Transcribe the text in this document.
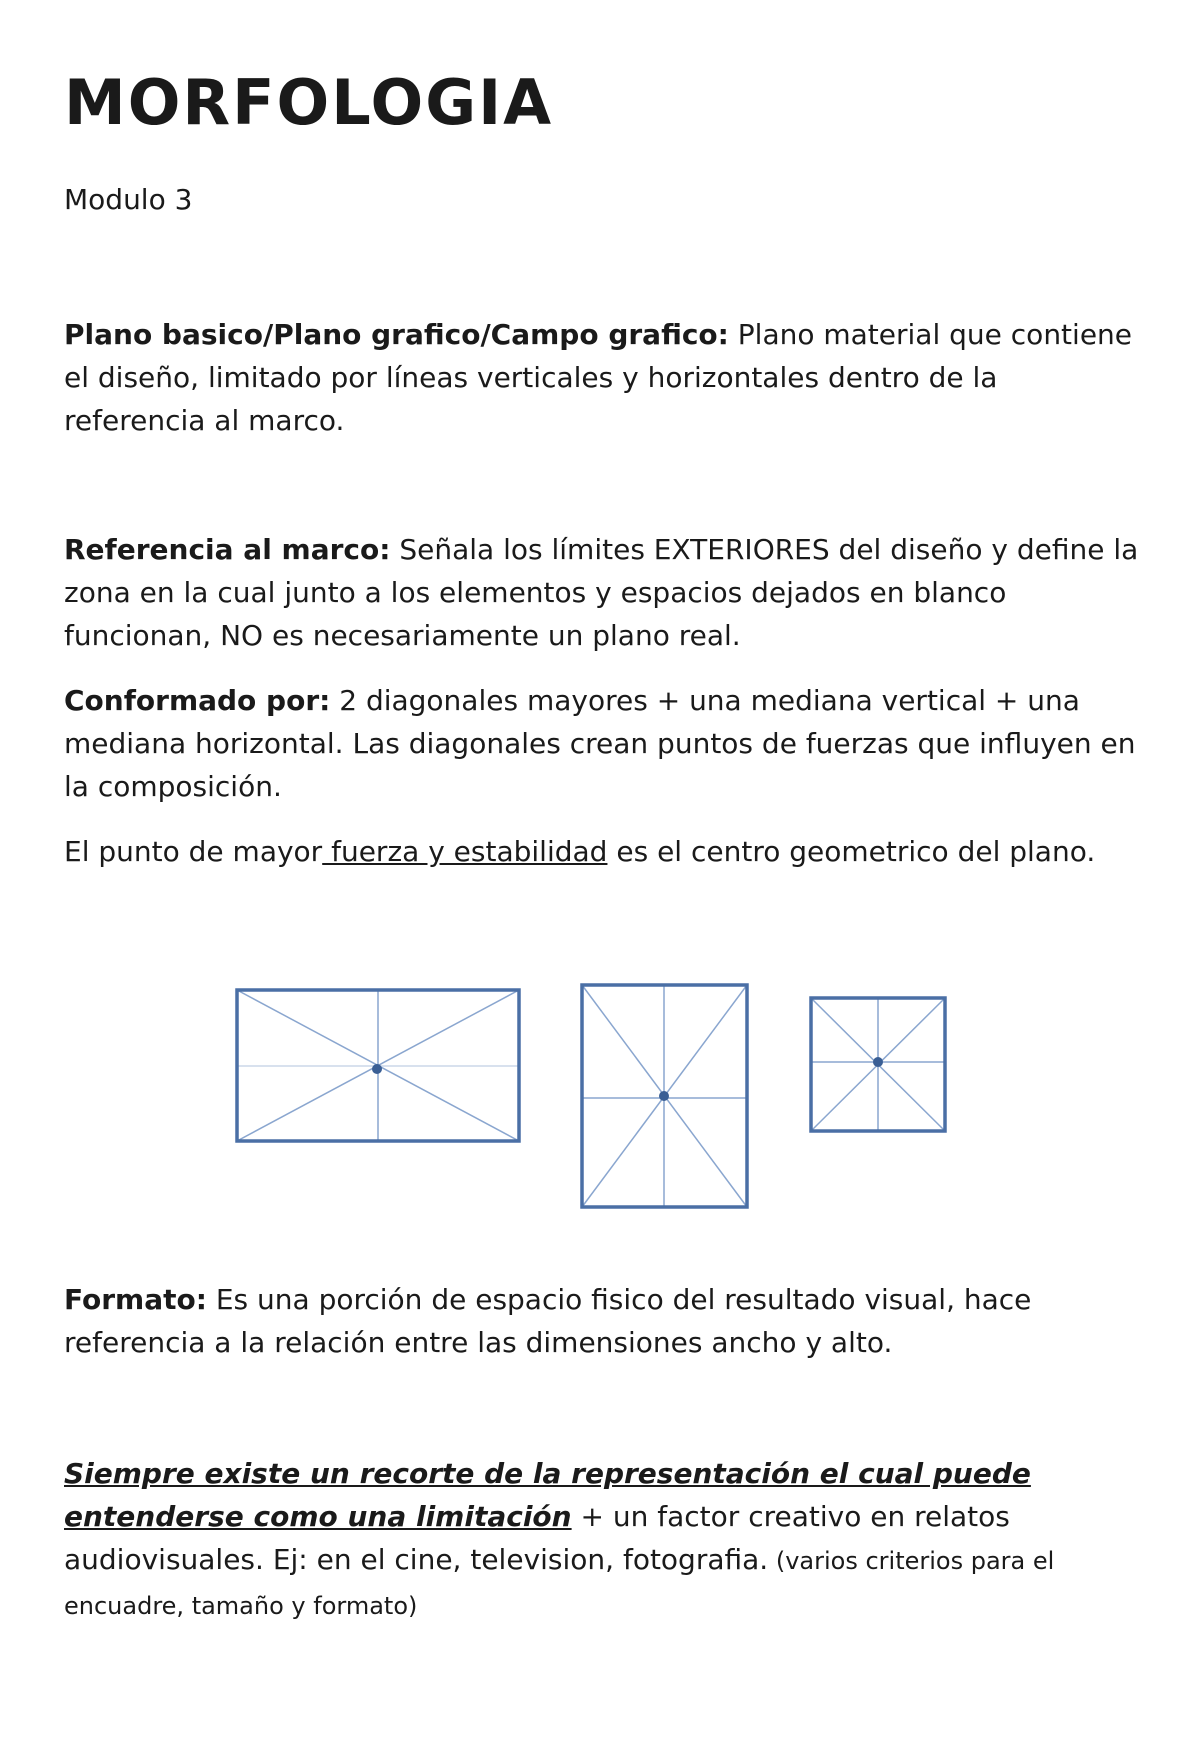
MORFOLOGIA
Modulo 3

Plano basico/Plano grafico/Campo grafico: Plano material que contiene el diseño, limitado por líneas verticales y horizontales dentro de la referencia al marco.

Referencia al marco: Señala los límites EXTERIORES del diseño y define la zona en la cual junto a los elementos y espacios dejados en blanco funcionan, NO es necesariamente un plano real.

Conformado por: 2 diagonales mayores + una mediana vertical + una mediana horizontal. Las diagonales crean puntos de fuerzas que influyen en la composición.

El punto de mayor fuerza y estabilidad es el centro geometrico del plano.

Formato: Es una porción de espacio fisico del resultado visual, hace referencia a la relación entre las dimensiones ancho y alto.

Siempre existe un recorte de la representación el cual puede entenderse como una limitación + un factor creativo en relatos audiovisuales. Ej: en el cine, television, fotografia. (varios criterios para el encuadre, tamaño y formato)
